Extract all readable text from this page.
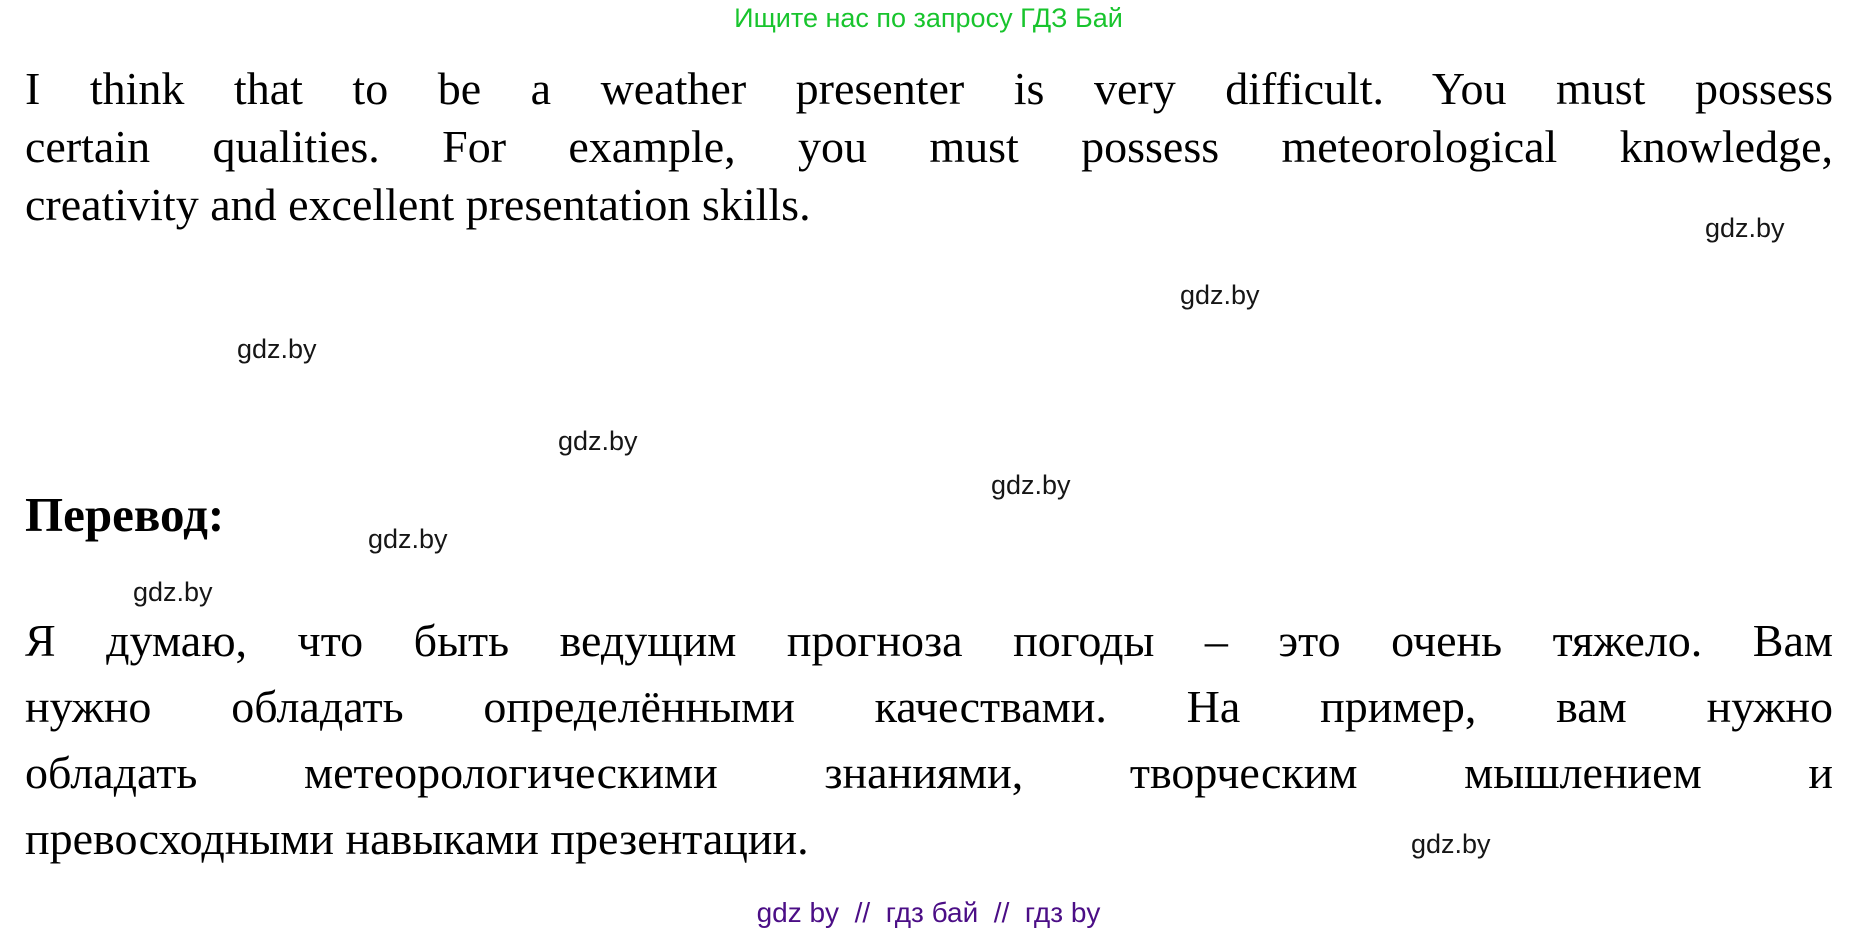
Ищите нас по запросу ГДЗ Бай
I think that to be a weather presenter is very difficult. You must possess
certain qualities. For example, you must possess meteorological knowledge,
creativity and excellent presentation skills.
Перевод:
Я думаю, что быть ведущим прогноза погоды – это очень тяжело. Вам
нужно обладать определёнными качествами. На пример, вам нужно
обладать метеорологическими знаниями, творческим мышлением и
превосходными навыками презентации.
gdz.by
gdz.by
gdz.by
gdz.by
gdz.by
gdz.by
gdz.by
gdz.by
gdz by  //  гдз бай  //  гдз by
